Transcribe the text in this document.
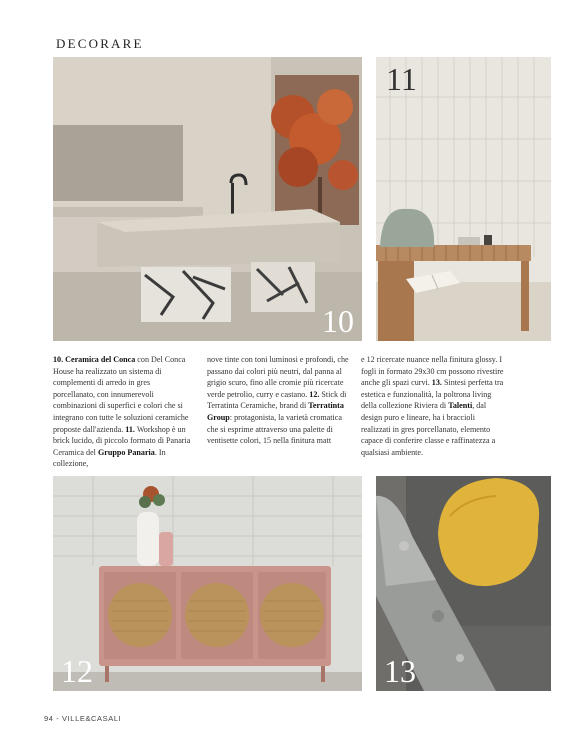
DECORARE
10
11
12	13
10. Ceramica del Conca con Del Conca House ha realizzato un sistema di complementi di arredo in gres porcellanato, con innumerevoli combinazioni di superfici e colori che si integrano con tutte le soluzioni ceramiche proposte dall'azienda. 11. Workshop è un brick lucido, di piccolo formato di Panaria Ceramica del Gruppo Panaria. In collezione,
nove tinte con toni luminosi e profondi, che passano dai colori più neutri, dal panna al grigio scuro, fino alle cromie più ricercate verde petrolio, curry e castano. 12. Stick di Terratinta Ceramiche, brand di Terratinta Group: protagonista, la varietà cromatica che si esprime attraverso una palette di ventisette colori, 15 nella finitura matt
e 12 ricercate nuance nella finitura glossy. I fogli in formato 29x30 cm possono rivestire anche gli spazi curvi. 13. Sintesi perfetta tra estetica e funzionalità, la poltrona living della collezione Riviera di Talenti, dal design puro e lineare, ha i braccioli realizzati in gres porcellanato, elemento capace di conferire classe e raffinatezza a qualsiasi ambiente.
94 - VILLE&CASALI
